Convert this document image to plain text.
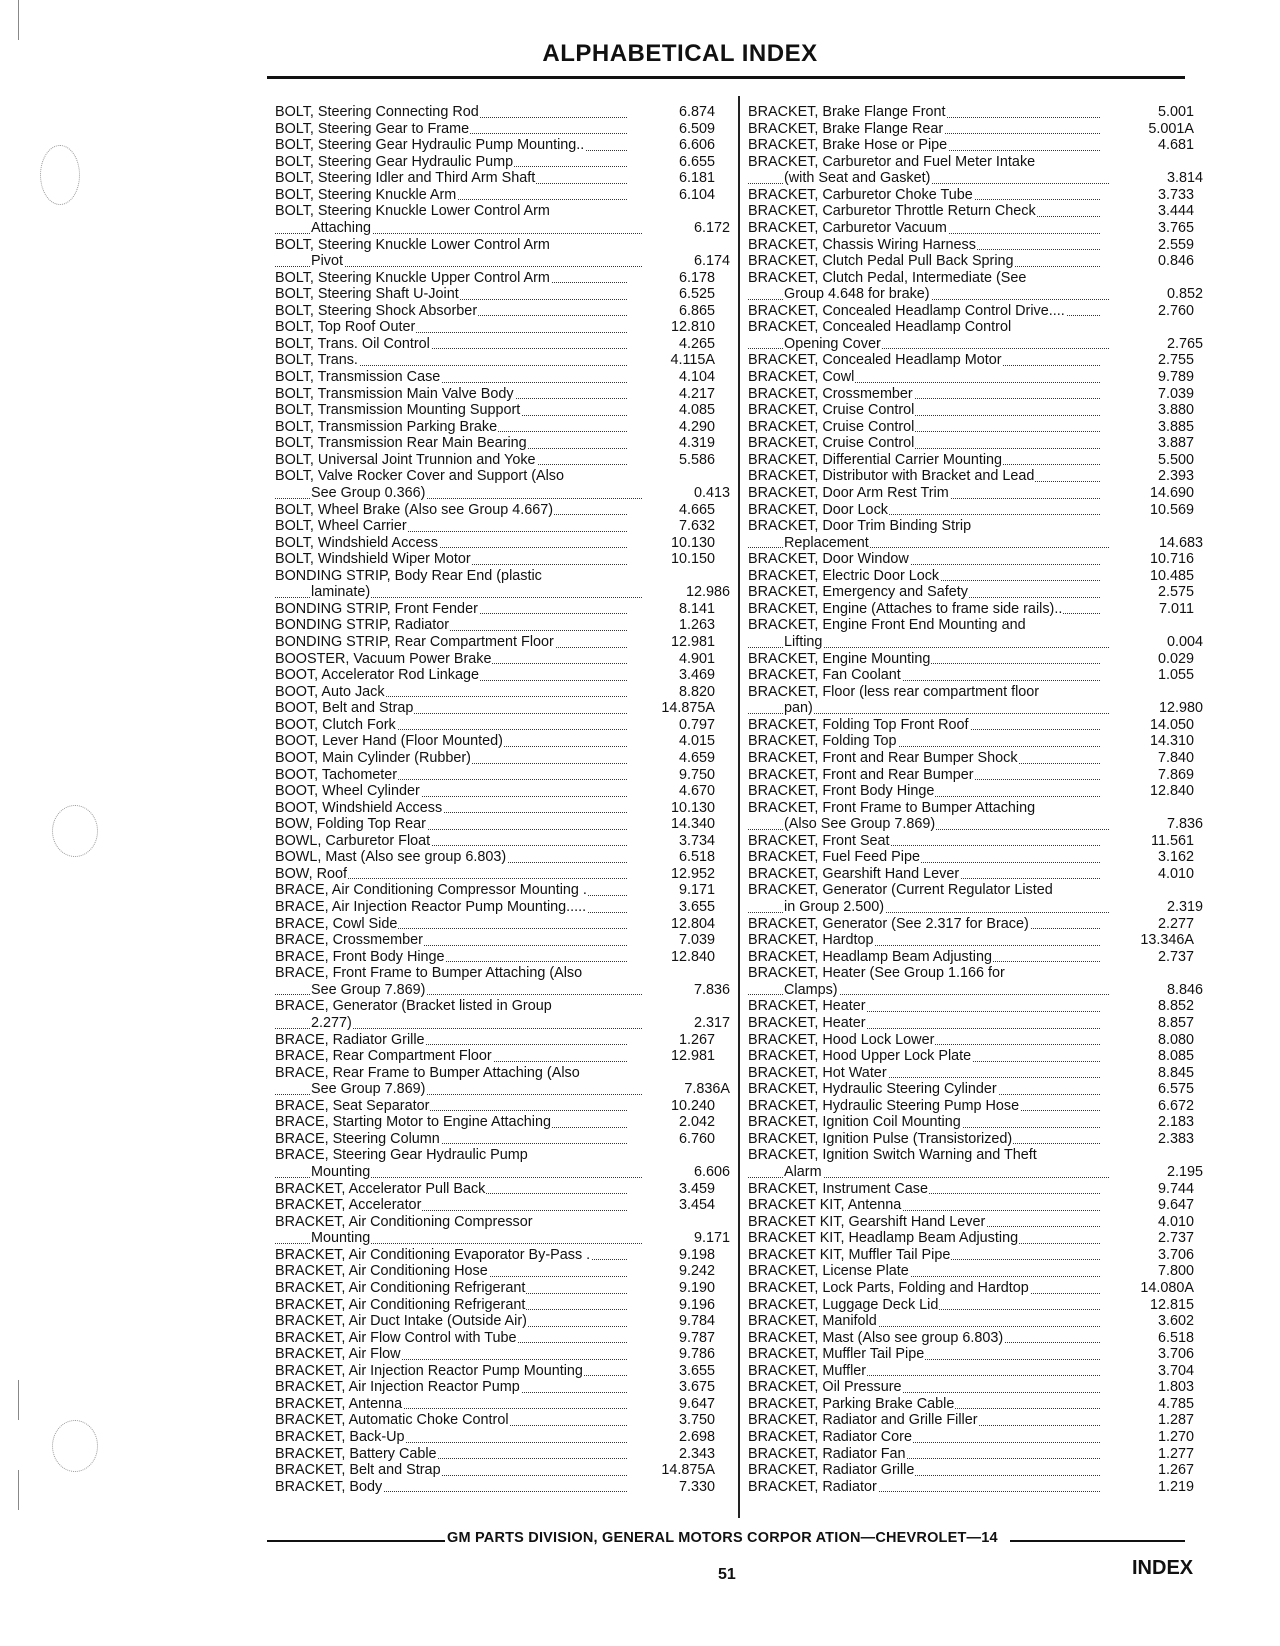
ALPHABETICAL INDEX
BOLT, Steering Connecting Rod	6.874
BOLT, Steering Gear to Frame	6.509
BOLT, Steering Gear Hydraulic Pump Mounting..	6.606
BOLT, Steering Gear Hydraulic Pump	6.655
BOLT, Steering Idler and Third Arm Shaft	6.181
BOLT, Steering Knuckle Arm	6.104
BOLT, Steering Knuckle Lower Control Arm
Attaching	6.172
BOLT, Steering Knuckle Lower Control Arm
Pivot	6.174
BOLT, Steering Knuckle Upper Control Arm	6.178
BOLT, Steering Shaft U-Joint	6.525
BOLT, Steering Shock Absorber	6.865
BOLT, Top Roof Outer	12.810
BOLT, Trans. Oil Control	4.265
BOLT, Trans.	4.115A
BOLT, Transmission Case	4.104
BOLT, Transmission Main Valve Body	4.217
BOLT, Transmission Mounting Support	4.085
BOLT, Transmission Parking Brake	4.290
BOLT, Transmission Rear Main Bearing	4.319
BOLT, Universal Joint Trunnion and Yoke	5.586
BOLT, Valve Rocker Cover and Support (Also
See Group 0.366)	0.413
BOLT, Wheel Brake (Also see Group 4.667)	4.665
BOLT, Wheel Carrier	7.632
BOLT, Windshield Access	10.130
BOLT, Windshield Wiper Motor	10.150
BONDING STRIP, Body Rear End (plastic
laminate)	12.986
BONDING STRIP, Front Fender	8.141
BONDING STRIP, Radiator	1.263
BONDING STRIP, Rear Compartment Floor	12.981
BOOSTER, Vacuum Power Brake	4.901
BOOT, Accelerator Rod Linkage	3.469
BOOT, Auto Jack	8.820
BOOT, Belt and Strap	14.875A
BOOT, Clutch Fork	0.797
BOOT, Lever Hand (Floor Mounted)	4.015
BOOT, Main Cylinder (Rubber)	4.659
BOOT, Tachometer	9.750
BOOT, Wheel Cylinder	4.670
BOOT, Windshield Access	10.130
BOW, Folding Top Rear	14.340
BOWL, Carburetor Float	3.734
BOWL, Mast (Also see group 6.803)	6.518
BOW, Roof	12.952
BRACE, Air Conditioning Compressor Mounting .	9.171
BRACE, Air Injection Reactor Pump Mounting.....	3.655
BRACE, Cowl Side	12.804
BRACE, Crossmember	7.039
BRACE, Front Body Hinge	12.840
BRACE, Front Frame to Bumper Attaching (Also
See Group 7.869)	7.836
BRACE, Generator (Bracket listed in Group
2.277)	2.317
BRACE, Radiator Grille	1.267
BRACE, Rear Compartment Floor	12.981
BRACE, Rear Frame to Bumper Attaching (Also
See Group 7.869)	7.836A
BRACE, Seat Separator	10.240
BRACE, Starting Motor to Engine Attaching	2.042
BRACE, Steering Column	6.760
BRACE, Steering Gear Hydraulic Pump
Mounting	6.606
BRACKET, Accelerator Pull Back	3.459
BRACKET, Accelerator	3.454
BRACKET, Air Conditioning Compressor
Mounting	9.171
BRACKET, Air Conditioning Evaporator By-Pass .	9.198
BRACKET, Air Conditioning Hose	9.242
BRACKET, Air Conditioning Refrigerant	9.190
BRACKET, Air Conditioning Refrigerant	9.196
BRACKET, Air Duct Intake (Outside Air)	9.784
BRACKET, Air Flow Control with Tube	9.787
BRACKET, Air Flow	9.786
BRACKET, Air Injection Reactor Pump Mounting	3.655
BRACKET, Air Injection Reactor Pump	3.675
BRACKET, Antenna	9.647
BRACKET, Automatic Choke Control	3.750
BRACKET, Back-Up	2.698
BRACKET, Battery Cable	2.343
BRACKET, Belt and Strap	14.875A
BRACKET, Body	7.330
BRACKET, Brake Flange Front	5.001
BRACKET, Brake Flange Rear	5.001A
BRACKET, Brake Hose or Pipe	4.681
BRACKET, Carburetor and Fuel Meter Intake
(with Seat and Gasket)	3.814
BRACKET, Carburetor Choke Tube	3.733
BRACKET, Carburetor Throttle Return Check	3.444
BRACKET, Carburetor Vacuum	3.765
BRACKET, Chassis Wiring Harness	2.559
BRACKET, Clutch Pedal Pull Back Spring	0.846
BRACKET, Clutch Pedal, Intermediate (See
Group 4.648 for brake)	0.852
BRACKET, Concealed Headlamp Control Drive....	2.760
BRACKET, Concealed Headlamp Control
Opening Cover	2.765
BRACKET, Concealed Headlamp Motor	2.755
BRACKET, Cowl	9.789
BRACKET, Crossmember	7.039
BRACKET, Cruise Control	3.880
BRACKET, Cruise Control	3.885
BRACKET, Cruise Control	3.887
BRACKET, Differential Carrier Mounting	5.500
BRACKET, Distributor with Bracket and Lead	2.393
BRACKET, Door Arm Rest Trim	14.690
BRACKET, Door Lock	10.569
BRACKET, Door Trim Binding Strip
Replacement	14.683
BRACKET, Door Window	10.716
BRACKET, Electric Door Lock	10.485
BRACKET, Emergency and Safety	2.575
BRACKET, Engine (Attaches to frame side rails)..	7.011
BRACKET, Engine Front End Mounting and
Lifting	0.004
BRACKET, Engine Mounting	0.029
BRACKET, Fan Coolant	1.055
BRACKET, Floor (less rear compartment floor
pan)	12.980
BRACKET, Folding Top Front Roof	14.050
BRACKET, Folding Top	14.310
BRACKET, Front and Rear Bumper Shock	7.840
BRACKET, Front and Rear Bumper	7.869
BRACKET, Front Body Hinge	12.840
BRACKET, Front Frame to Bumper Attaching
(Also See Group 7.869)	7.836
BRACKET, Front Seat	11.561
BRACKET, Fuel Feed Pipe	3.162
BRACKET, Gearshift Hand Lever	4.010
BRACKET, Generator (Current Regulator Listed
in Group 2.500)	2.319
BRACKET, Generator (See 2.317 for Brace)	2.277
BRACKET, Hardtop	13.346A
BRACKET, Headlamp Beam Adjusting	2.737
BRACKET, Heater (See Group 1.166 for
Clamps)	8.846
BRACKET, Heater	8.852
BRACKET, Heater	8.857
BRACKET, Hood Lock Lower	8.080
BRACKET, Hood Upper Lock Plate	8.085
BRACKET, Hot Water	8.845
BRACKET, Hydraulic Steering Cylinder	6.575
BRACKET, Hydraulic Steering Pump Hose	6.672
BRACKET, Ignition Coil Mounting	2.183
BRACKET, Ignition Pulse (Transistorized)	2.383
BRACKET, Ignition Switch Warning and Theft
Alarm	2.195
BRACKET, Instrument Case	9.744
BRACKET KIT, Antenna	9.647
BRACKET KIT, Gearshift Hand Lever	4.010
BRACKET KIT, Headlamp Beam Adjusting	2.737
BRACKET KIT, Muffler Tail Pipe	3.706
BRACKET, License Plate	7.800
BRACKET, Lock Parts, Folding and Hardtop	14.080A
BRACKET, Luggage Deck Lid	12.815
BRACKET, Manifold	3.602
BRACKET, Mast (Also see group 6.803)	6.518
BRACKET, Muffler Tail Pipe	3.706
BRACKET, Muffler	3.704
BRACKET, Oil Pressure	1.803
BRACKET, Parking Brake Cable	4.785
BRACKET, Radiator and Grille Filler	1.287
BRACKET, Radiator Core	1.270
BRACKET, Radiator Fan	1.277
BRACKET, Radiator Grille	1.267
BRACKET, Radiator	1.219
GM PARTS DIVISION, GENERAL MOTORS CORPOR ATION—CHEVROLET—14
51	INDEX
